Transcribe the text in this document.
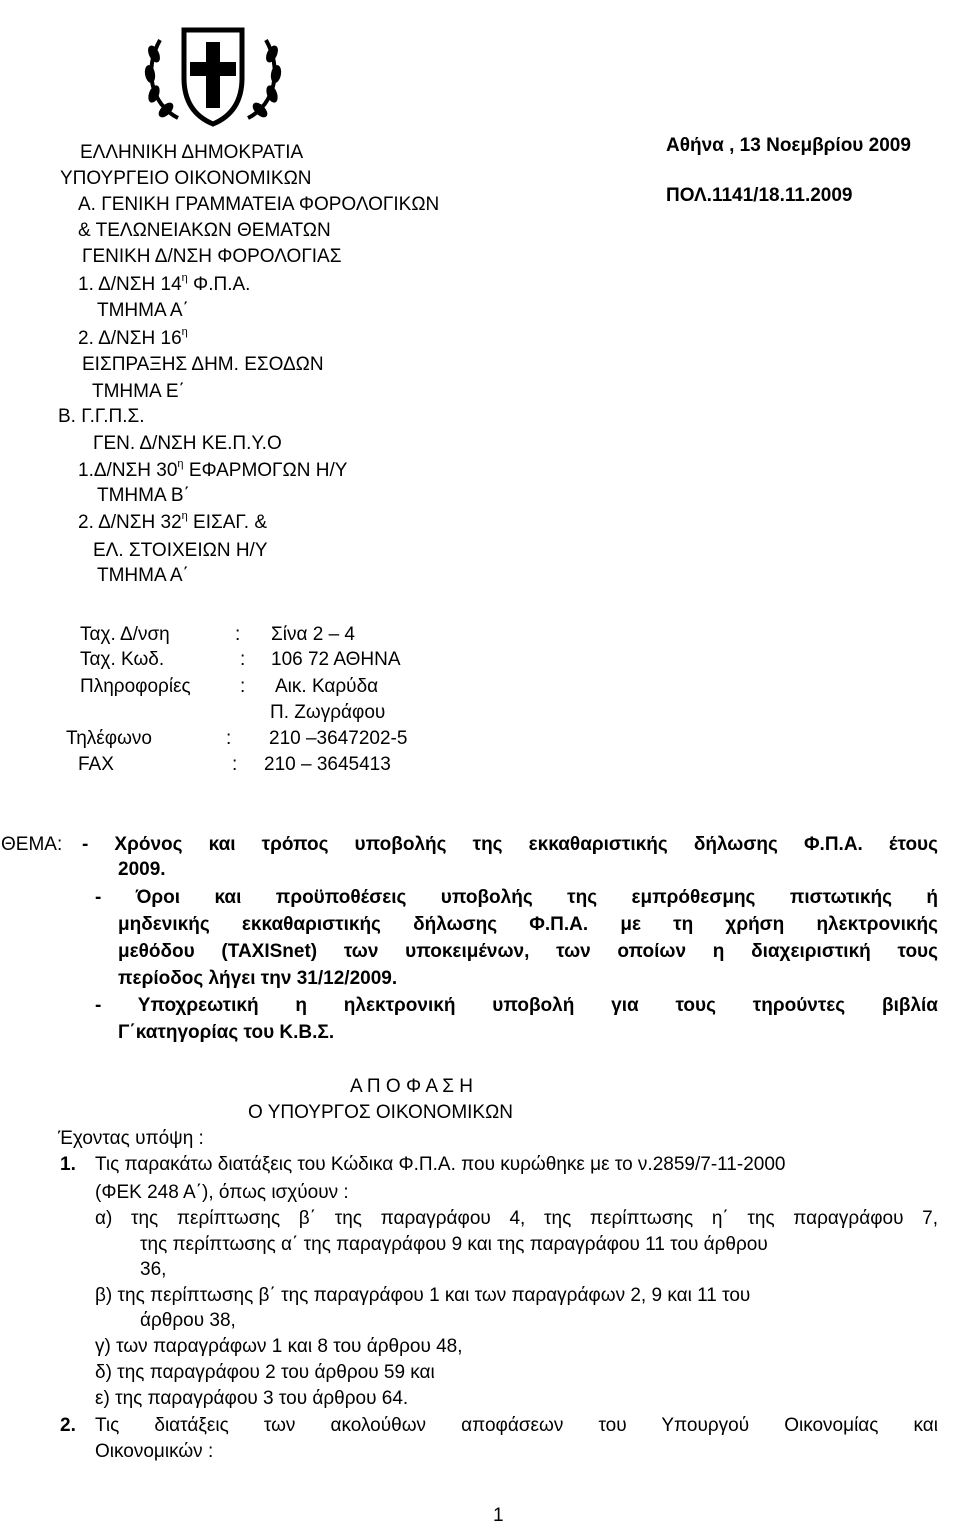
ΕΛΛΗΝΙΚΗ ΔΗΜΟΚΡΑΤΙΑ
ΥΠΟΥΡΓΕΙΟ ΟΙΚΟΝΟΜΙΚΩΝ
Α. ΓΕΝΙΚΗ ΓΡΑΜΜΑΤΕΙΑ ΦΟΡΟΛΟΓΙΚΩΝ
& ΤΕΛΩΝΕΙΑΚΩΝ ΘΕΜΑΤΩΝ
ΓΕΝΙΚΗ Δ/ΝΣΗ ΦΟΡΟΛΟΓΙΑΣ
1. Δ/ΝΣΗ $14^\eta$ Φ.Π.Α.
ΤΜΗΜΑ Α΄
2. Δ/ΝΣΗ $16^\eta$
ΕΙΣΠΡΑΞΗΣ ΔΗΜ. ΕΣΟΔΩΝ
ΤΜΗΜΑ Ε΄
Β. Γ.Γ.Π.Σ.
ΓΕΝ. Δ/ΝΣΗ ΚΕ.Π.Υ.Ο
1.Δ/ΝΣΗ $30^\eta$ ΕΦΑΡΜΟΓΩΝ Η/Υ
ΤΜΗΜΑ Β΄
2. Δ/ΝΣΗ $32^\eta$ ΕΙΣΑΓ. &
ΕΛ. ΣΤΟΙΧΕΙΩΝ Η/Υ
ΤΜΗΜΑ Α΄
Αθήνα , 13 Νοεμβρίου 2009
ΠΟΛ.1141/18.11.2009
Ταχ. Δ/νση	: Σίνα 2 – 4
Ταχ. Κωδ.	: 106 72 ΑΘΗΝΑ
Πληροφορίες	: Αικ. Καρύδα
Π. Ζωγράφου
Τηλέφωνο	: 210 –3647202-5
FAX	: 210 – 3645413
ΘΕΜΑ: - Χρόνος και τρόπος υποβολής της εκκαθαριστικής δήλωσης Φ.Π.Α. έτους
2009.
- Όροι και προϋποθέσεις υποβολής της εμπρόθεσμης πιστωτικής ή
μηδενικής εκκαθαριστικής δήλωσης Φ.Π.Α. με τη χρήση ηλεκτρονικής
μεθόδου (TAXISnet) των υποκειμένων, των οποίων η διαχειριστική τους
περίοδος λήγει την 31/12/2009.
- Υποχρεωτική η ηλεκτρονική υποβολή για τους τηρούντες βιβλία
Γ΄κατηγορίας του Κ.Β.Σ.
Α Π Ο Φ Α Σ Η
Ο ΥΠΟΥΡΓΟΣ ΟΙΚΟΝΟΜΙΚΩΝ
Έχοντας υπόψη :
1. Τις παρακάτω διατάξεις του Κώδικα Φ.Π.Α. που κυρώθηκε με το ν.2859/7-11-2000
(ΦΕΚ 248 Α΄), όπως ισχύουν :
α) της περίπτωσης β΄ της παραγράφου 4, της περίπτωσης η΄ της παραγράφου 7,
της περίπτωσης α΄ της παραγράφου 9 και της παραγράφου 11 του άρθρου
36,
β) της περίπτωσης β΄ της παραγράφου 1 και των παραγράφων 2, 9 και 11 του
άρθρου 38,
γ) των παραγράφων 1 και 8 του άρθρου 48,
δ) της παραγράφου 2 του άρθρου 59 και
ε) της παραγράφου 3 του άρθρου 64.
2. Τις διατάξεις των ακολούθων αποφάσεων του Υπουργού Οικονομίας και
Οικονομικών :
1
